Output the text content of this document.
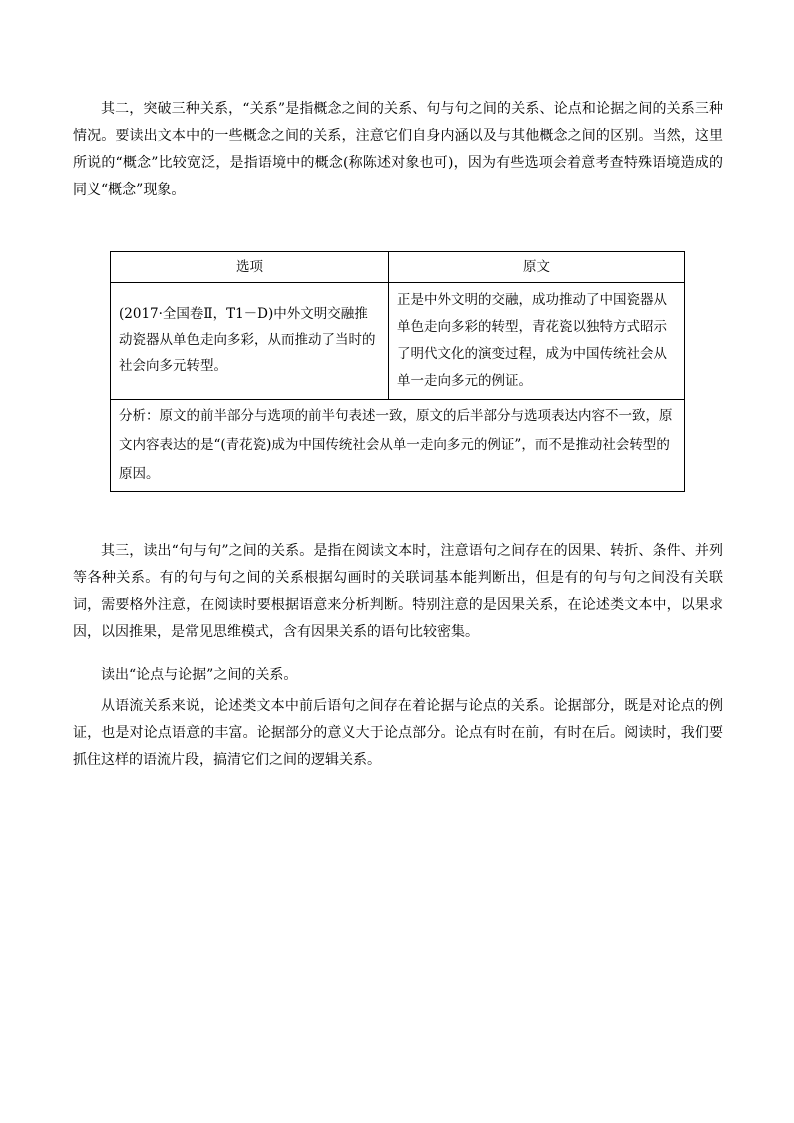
其二，突破三种关系，“关系”是指概念之间的关系、句与句之间的关系、论点和论据之间的关系三种情况。要读出文本中的一些概念之间的关系，注意它们自身内涵以及与其他概念之间的区别。当然，这里所说的“概念”比较宽泛，是指语境中的概念(称陈述对象也可)，因为有些选项会着意考查特殊语境造成的同义“概念”现象。

选项	原文

(2017·全国卷Ⅱ，T1－D)中外文明交融推动瓷器从单色走向多彩，从而推动了当时的社会向多元转型。	正是中外文明的交融，成功推动了中国瓷器从单色走向多彩的转型，青花瓷以独特方式昭示了明代文化的演变过程，成为中国传统社会从单一走向多元的例证。
分析：原文的前半部分与选项的前半句表述一致，原文的后半部分与选项表达内容不一致，原文内容表达的是“(青花瓷)成为中国传统社会从单一走向多元的例证”，而不是推动社会转型的原因。	

其三，读出“句与句”之间的关系。是指在阅读文本时，注意语句之间存在的因果、转折、条件、并列等各种关系。有的句与句之间的关系根据勾画时的关联词基本能判断出，但是有的句与句之间没有关联词，需要格外注意，在阅读时要根据语意来分析判断。特别注意的是因果关系，在论述类文本中，以果求因，以因推果，是常见思维模式，含有因果关系的语句比较密集。

读出“论点与论据”之间的关系。

从语流关系来说，论述类文本中前后语句之间存在着论据与论点的关系。论据部分，既是对论点的例证，也是对论点语意的丰富。论据部分的意义大于论点部分。论点有时在前，有时在后。阅读时，我们要抓住这样的语流片段，搞清它们之间的逻辑关系。
